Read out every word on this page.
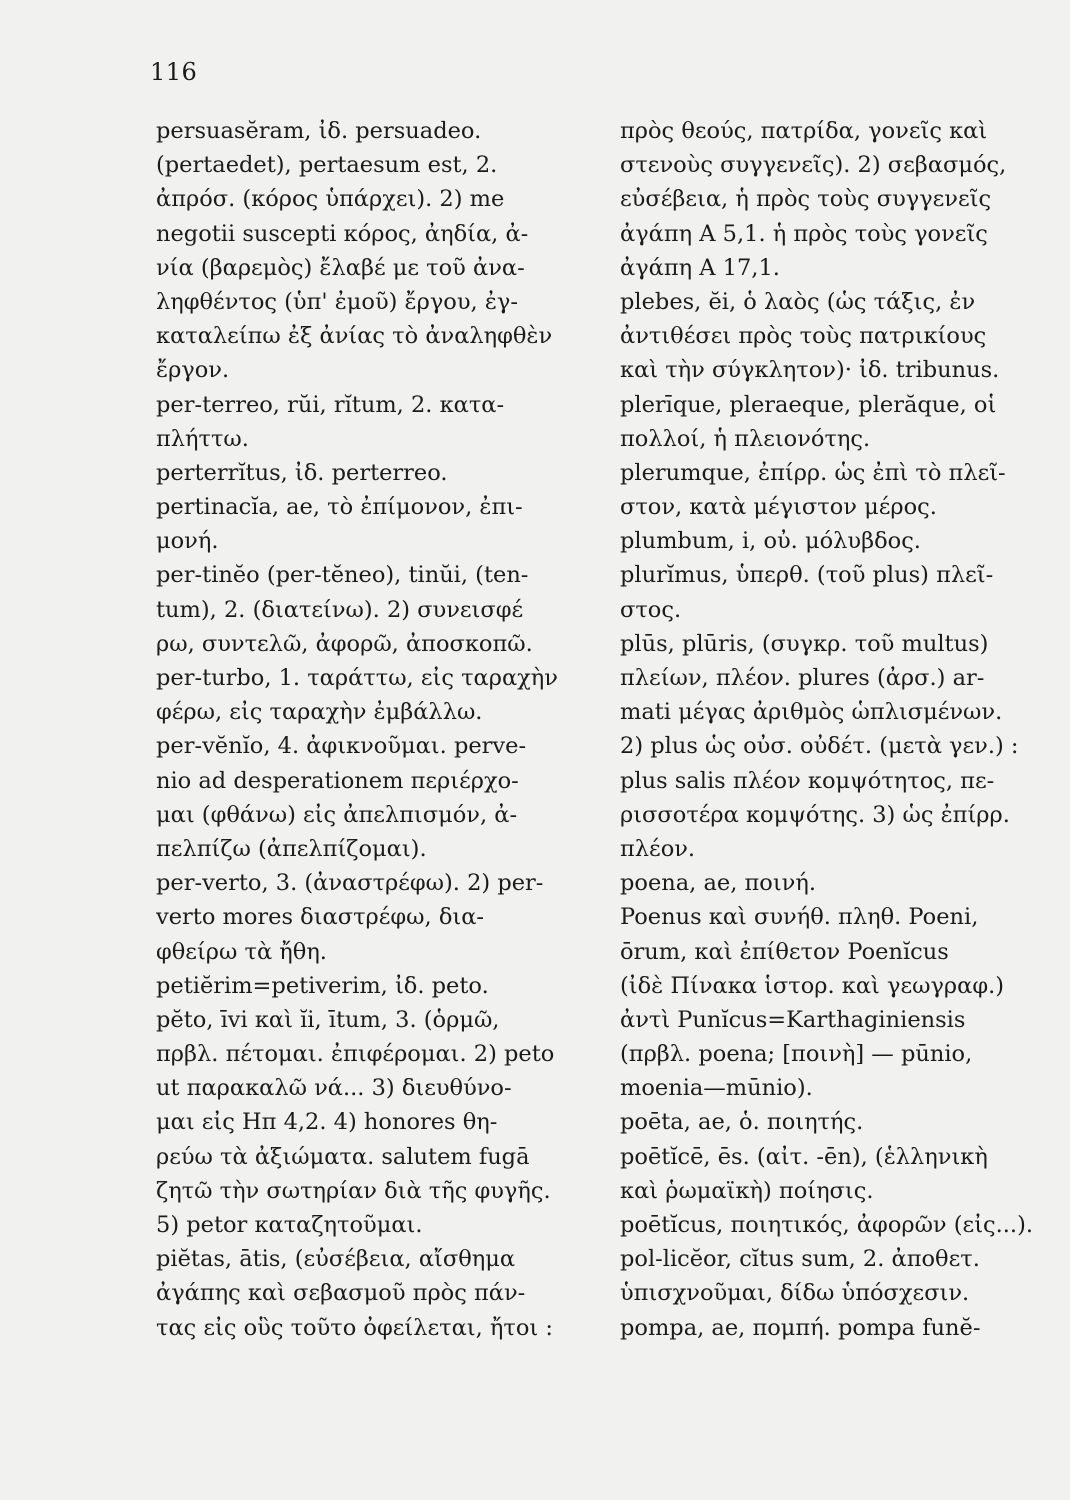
116
persuasĕram, ἰδ. persuadeo.
(pertaedet), pertaesum est, 2.
ἀπρόσ. (κόρος ὑπάρχει). 2) me
negotii suscepti κόρος, ἀηδία, ἀ-
νία (βαρεμὸς) ἔλαβέ με τοῦ ἀνα-
ληφθέντος (ὑπ' ἐμοῦ) ἔργου, ἐγ-
καταλείπω ἐξ ἀνίας τὸ ἀναληφθὲν
ἔργον.
per-terreo, rŭi, rĭtum, 2. κατα-
πλήττω.
perterrĭtus, ἰδ. perterreo.
pertinacĭa, ae, τὸ ἐπίμονον, ἐπι-
μονή.
per-tinĕo (per-tĕneo), tinŭi, (ten-
tum), 2. (διατείνω). 2) συνεισφέ
ρω, συντελῶ, ἀφορῶ, ἀποσκοπῶ.
per-turbo, 1. ταράττω, εἰς ταραχὴν
φέρω, εἰς ταραχὴν ἐμβάλλω.
per-vĕnĭo, 4. ἀφικνοῦμαι. perve-
nio ad desperationem περιέρχο-
μαι (φθάνω) εἰς ἀπελπισμόν, ἀ-
πελπίζω (ἀπελπίζομαι).
per-verto, 3. (ἀναστρέφω). 2) per-
verto mores διαστρέφω, δια-
φθείρω τὰ ἤθη.
petiĕrim=petiverim, ἰδ. peto.
pĕto, īvi καὶ ĭi, ītum, 3. (ὁρμῶ,
πρβλ. πέτομαι. ἐπιφέρομαι. 2) peto
ut παρακαλῶ νά... 3) διευθύνο-
μαι εἰς Ηπ 4,2. 4) honores θη-
ρεύω τὰ ἀξιώματα. salutem fugā
ζητῶ τὴν σωτηρίαν διὰ τῆς φυγῆς.
5) petor καταζητοῦμαι.
piĕtas, ātis, (εὐσέβεια, αἴσθημα
ἀγάπης καὶ σεβασμοῦ πρὸς πάν-
τας εἰς οὓς τοῦτο ὀφείλεται, ἤτοι :
πρὸς θεούς, πατρίδα, γονεῖς καὶ
στενοὺς συγγενεῖς). 2) σεβασμός,
εὐσέβεια, ἡ πρὸς τοὺς συγγενεῖς
ἀγάπη Α 5,1. ἡ πρὸς τοὺς γονεῖς
ἀγάπη Α 17,1.
plebes, ĕi, ὁ λαὸς (ὡς τάξις, ἐν
ἀντιθέσει πρὸς τοὺς πατρικίους
καὶ τὴν σύγκλητον)· ἰδ. tribunus.
plerīque, pleraeque, plerăque, οἱ
πολλοί, ἡ πλειονότης.
plerumque, ἐπίρρ. ὡς ἐπὶ τὸ πλεῖ-
στον, κατὰ μέγιστον μέρος.
plumbum, i, οὐ. μόλυβδος.
plurĭmus, ὑπερθ. (τοῦ plus) πλεῖ-
στος.
plūs, plūris, (συγκρ. τοῦ multus)
πλείων, πλέον. plures (ἀρσ.) ar-
mati μέγας ἀριθμὸς ὡπλισμένων.
2) plus ὡς οὐσ. οὐδέτ. (μετὰ γεν.) :
plus salis πλέον κομψότητος, πε-
ρισσοτέρα κομψότης. 3) ὡς ἐπίρρ.
πλέον.
poena, ae, ποινή.
Poenus καὶ συνήθ. πληθ. Poeni,
ōrum, καὶ ἐπίθετον Poenĭcus
(ἰδὲ Πίνακα ἱστορ. καὶ γεωγραφ.)
ἀντὶ Punĭcus=Karthaginiensis
(πρβλ. poena; [ποινὴ] — pūnio,
moenia—mūnio).
poēta, ae, ὁ. ποιητής.
poētĭcē, ēs. (αἰτ. -ēn), (ἑλληνικὴ
καὶ ῥωμαϊκὴ) ποίησις.
poētĭcus, ποιητικός, ἀφορῶν (εἰς...).
pol-licĕor, cĭtus sum, 2. ἀποθετ.
ὑπισχνοῦμαι, δίδω ὑπόσχεσιν.
pompa, ae, πομπή. pompa funĕ-
